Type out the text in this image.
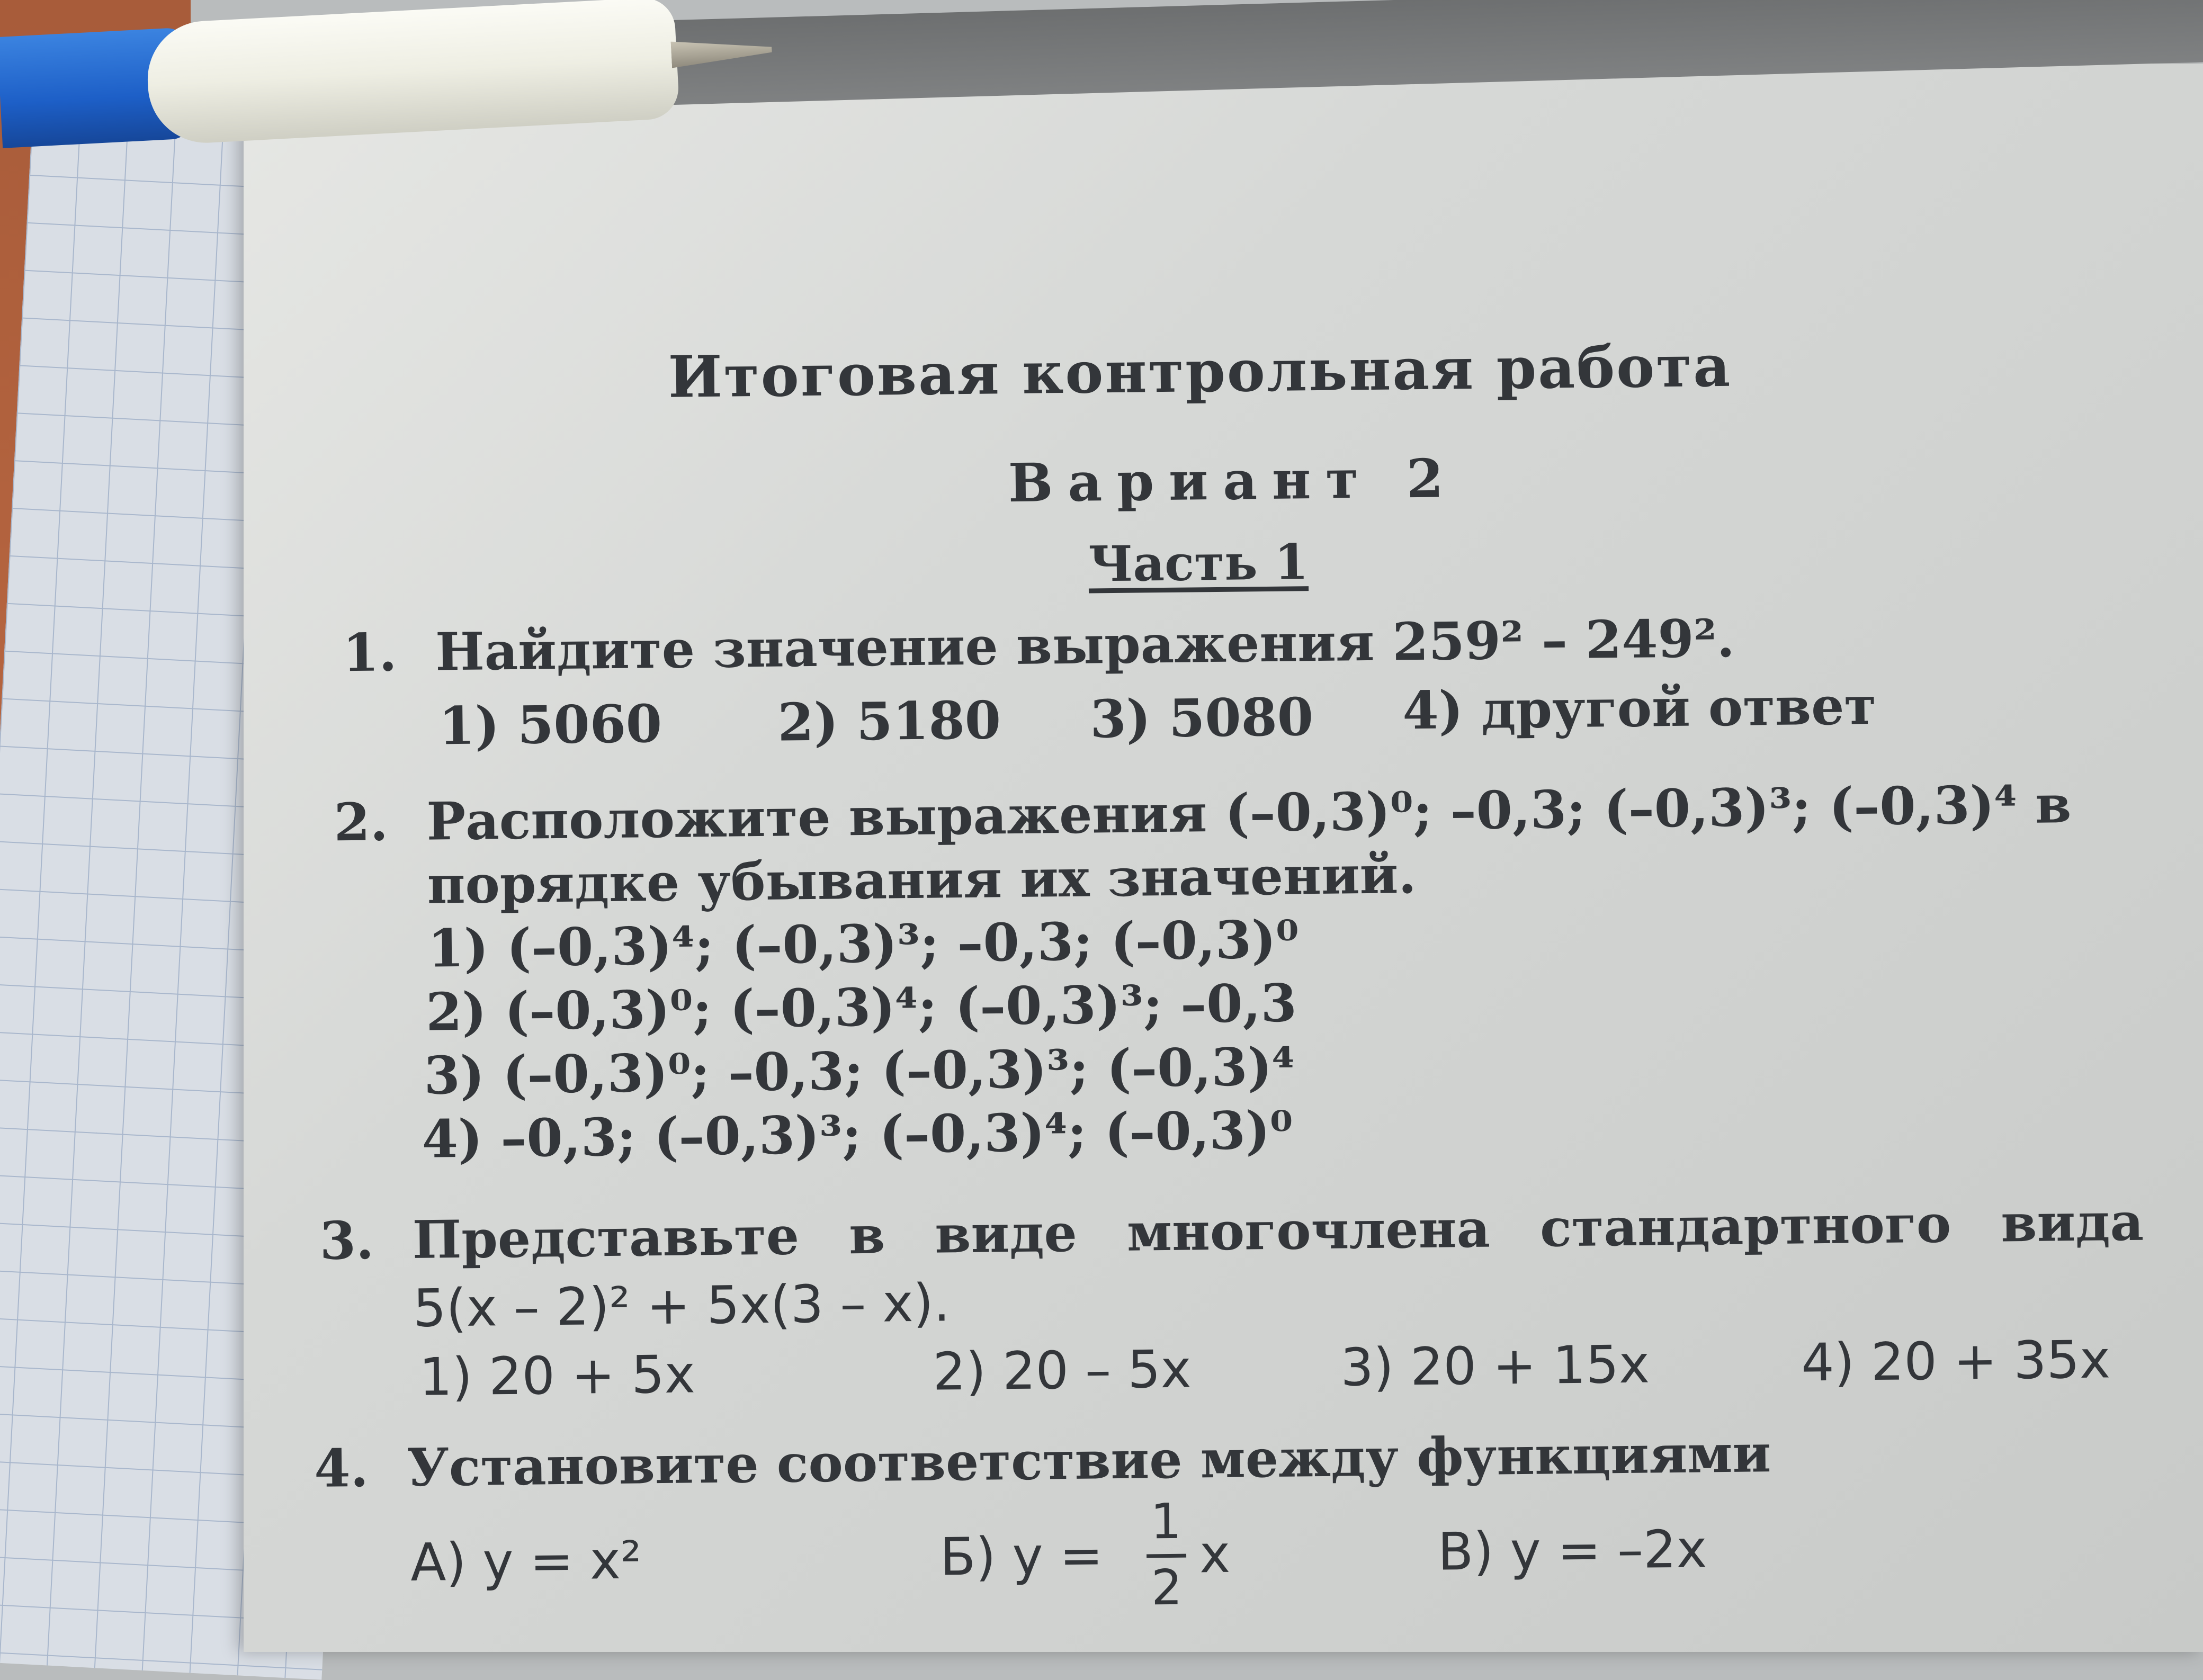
Итоговая контрольная работа
Вариант 2
Часть 1
1. Найдите значение выражения 259² – 249².
1) 5060 2) 5180 3) 5080 4) другой ответ
2. Расположите выражения (–0,3)⁰; –0,3; (–0,3)³; (–0,3)⁴ в
порядке убывания их значений.
1) (–0,3)⁴; (–0,3)³; –0,3; (–0,3)⁰
2) (–0,3)⁰; (–0,3)⁴; (–0,3)³; –0,3
3) (–0,3)⁰; –0,3; (–0,3)³; (–0,3)⁴
4) –0,3; (–0,3)³; (–0,3)⁴; (–0,3)⁰
3. Представьте в виде многочлена стандартного вида
5(x – 2)² + 5x(3 – x).
1) 20 + 5x	2) 20 – 5x	3) 20 + 15x	4) 20 + 35x
4. Установите соответствие между функциями
А) y = x²	Б) y =
1
2
x	В) y = –2x
